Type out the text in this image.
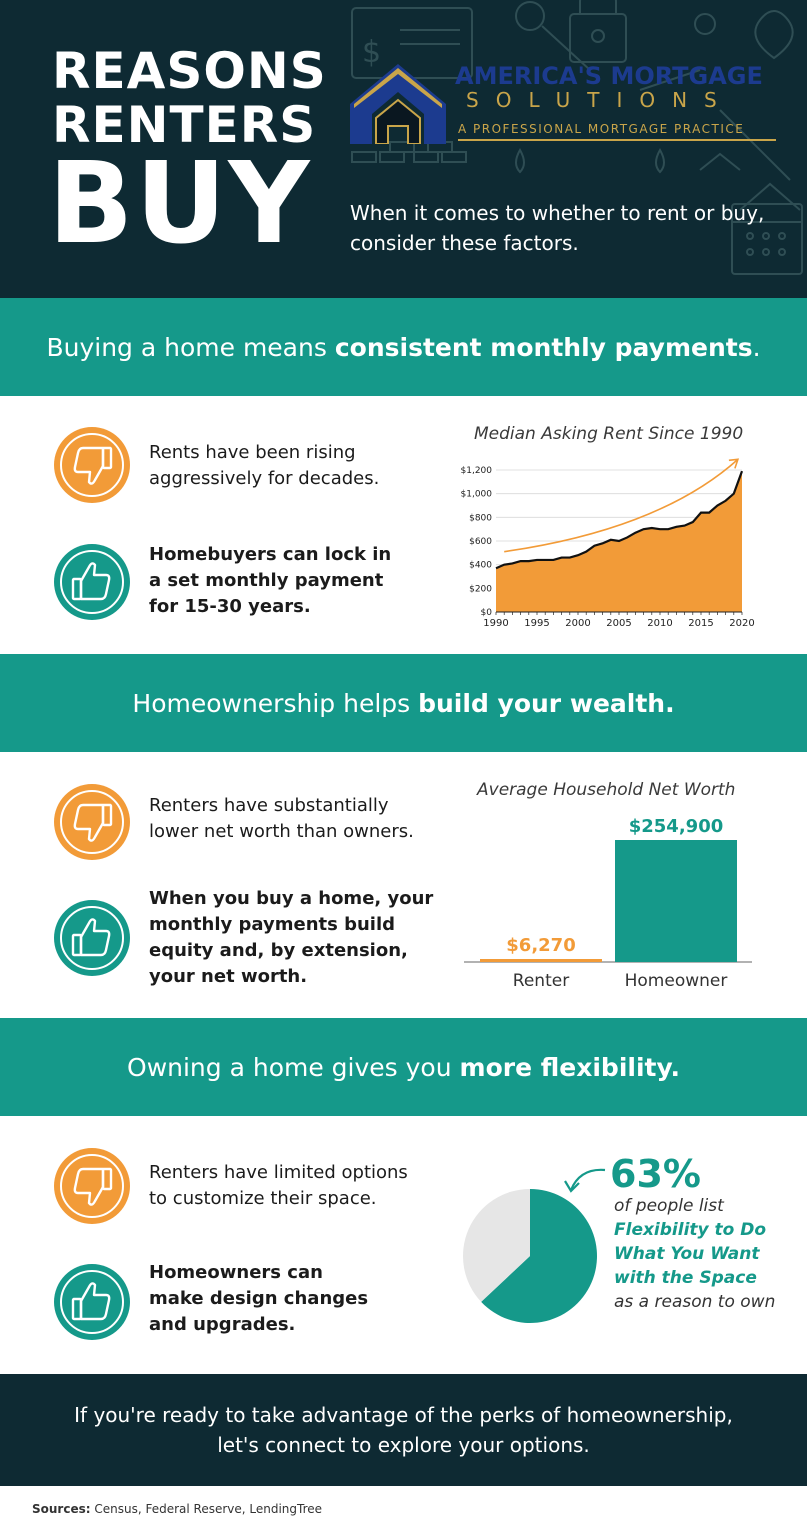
$
REASONS
RENTERS
BUY
AMERICA'S MORTGAGE
SOLUTIONS
A PROFESSIONAL MORTGAGE PRACTICE
When it comes to whether to rent or buy, consider these factors.
Buying a home means consistent monthly payments .
Rents have been rising aggressively for decades.
Homebuyers can lock in a set monthly payment for 15-30 years.
Median Asking Rent Since 1990
$0
$200
$400
$600
$800
$1,000
$1,200
1990 1995 2000 2005 2010 2015 2020
Homeownership helps build your wealth.
Renters have substantially lower net worth than owners.
When you buy a home, your monthly payments build equity and, by extension, your net worth.
Average Household Net Worth
$6,270
Renter
$254,900
Homeowner
Owning a home gives you more flexibility.
Renters have limited options to customize their space.
Homeowners can make design changes and upgrades.
63%
of people list
Flexibility to Do What You Want with the Space
as a reason to own
If you're ready to take advantage of the perks of homeownership,
let's connect to explore your options.
Sources: Census, Federal Reserve, LendingTree
